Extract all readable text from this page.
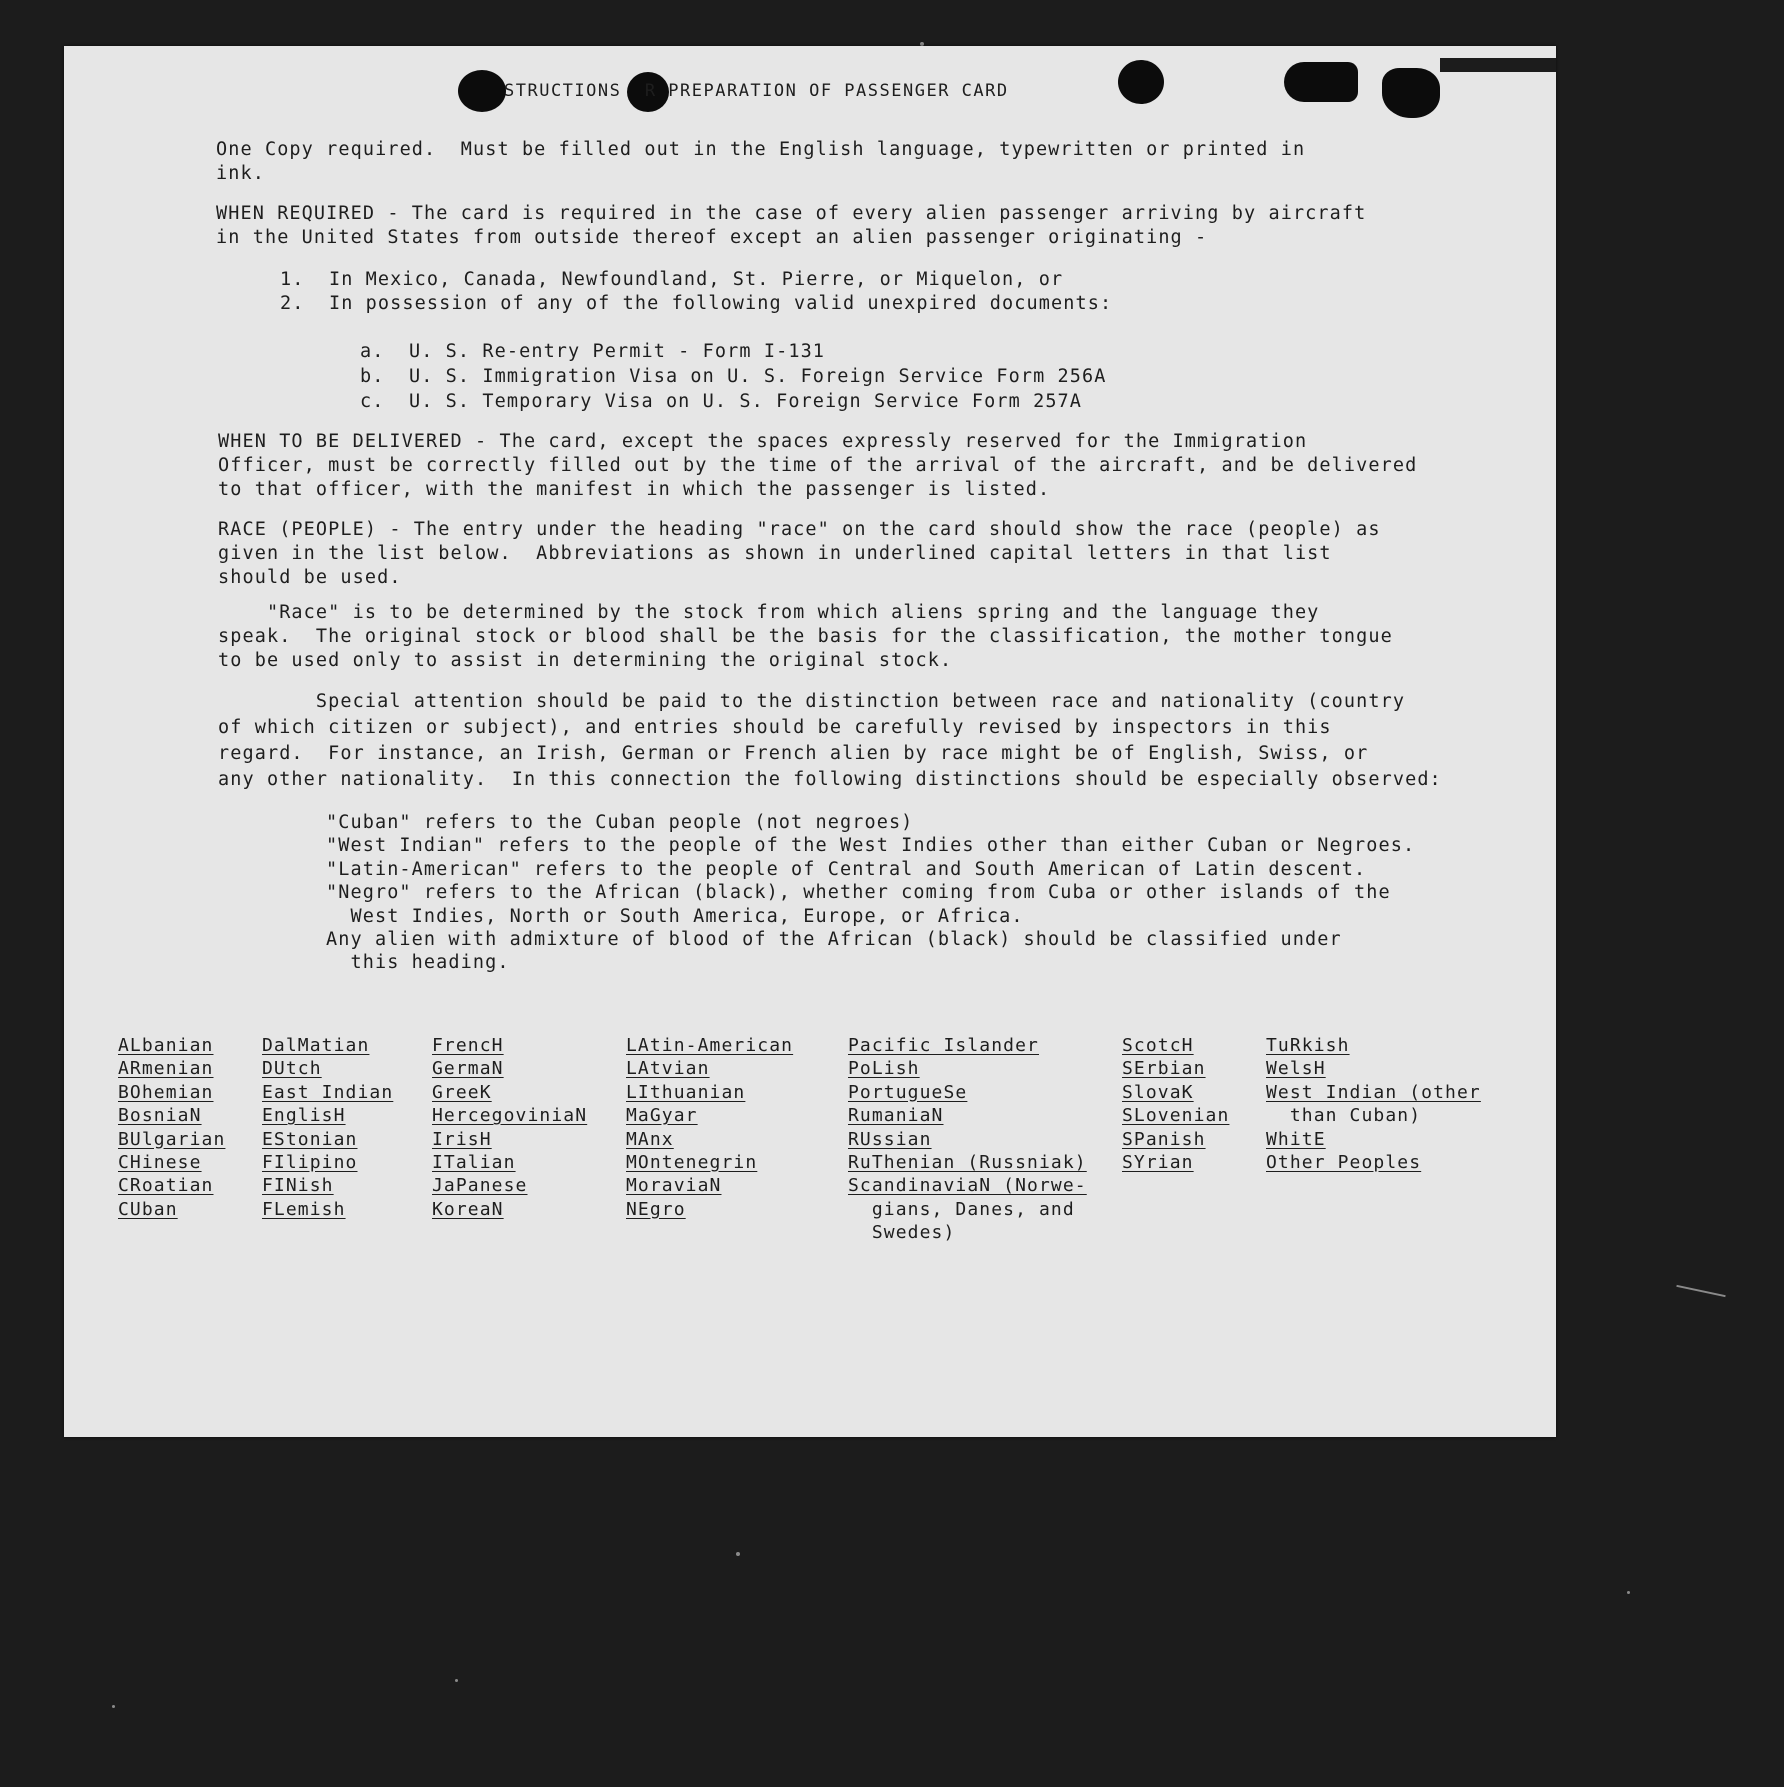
STRUCTIONS  R PREPARATION OF PASSENGER CARD
One Copy required.  Must be filled out in the English language, typewritten or printed in
ink.
WHEN REQUIRED - The card is required in the case of every alien passenger arriving by aircraft
in the United States from outside thereof except an alien passenger originating -
1.  In Mexico, Canada, Newfoundland, St. Pierre, or Miquelon, or
2.  In possession of any of the following valid unexpired documents:
a.  U. S. Re-entry Permit - Form I-131
b.  U. S. Immigration Visa on U. S. Foreign Service Form 256A
c.  U. S. Temporary Visa on U. S. Foreign Service Form 257A
WHEN TO BE DELIVERED - The card, except the spaces expressly reserved for the Immigration
Officer, must be correctly filled out by the time of the arrival of the aircraft, and be delivered
to that officer, with the manifest in which the passenger is listed.
RACE (PEOPLE) - The entry under the heading "race" on the card should show the race (people) as
given in the list below.  Abbreviations as shown in underlined capital letters in that list
should be used.
"Race" is to be determined by the stock from which aliens spring and the language they
speak.  The original stock or blood shall be the basis for the classification, the mother tongue
to be used only to assist in determining the original stock.
Special attention should be paid to the distinction between race and nationality (country
of which citizen or subject), and entries should be carefully revised by inspectors in this
regard.  For instance, an Irish, German or French alien by race might be of English, Swiss, or
any other nationality.  In this connection the following distinctions should be especially observed:
"Cuban" refers to the Cuban people (not negroes)
"West Indian" refers to the people of the West Indies other than either Cuban or Negroes.
"Latin-American" refers to the people of Central and South American of Latin descent.
"Negro" refers to the African (black), whether coming from Cuba or other islands of the
West Indies, North or South America, Europe, or Africa.
Any alien with admixture of blood of the African (black) should be classified under
this heading.
ALbanian
ARmenian
BOhemian
BosniaN
BUlgarian
CHinese
CRoatian
CUban
DalMatian
DUtch
East Indian
EnglisH
EStonian
FIlipino
FINish
FLemish
FrencH
GermaN
GreeK
HercegoviniaN
IrisH
ITalian
JaPanese
KoreaN
LAtin-American
LAtvian
LIthuanian
MaGyar
MAnx
MOntenegrin
MoraviaN
NEgro
Pacific Islander
PoLish
PortugueSe
RumaniaN
RUssian
RuThenian (Russniak)
ScandinaviaN (Norwe-
gians, Danes, and
Swedes)
ScotcH
SErbian
SlovaK
SLovenian
SPanish
SYrian
TuRkish
WelsH
West Indian (other
than Cuban)
WhitE
Other Peoples
